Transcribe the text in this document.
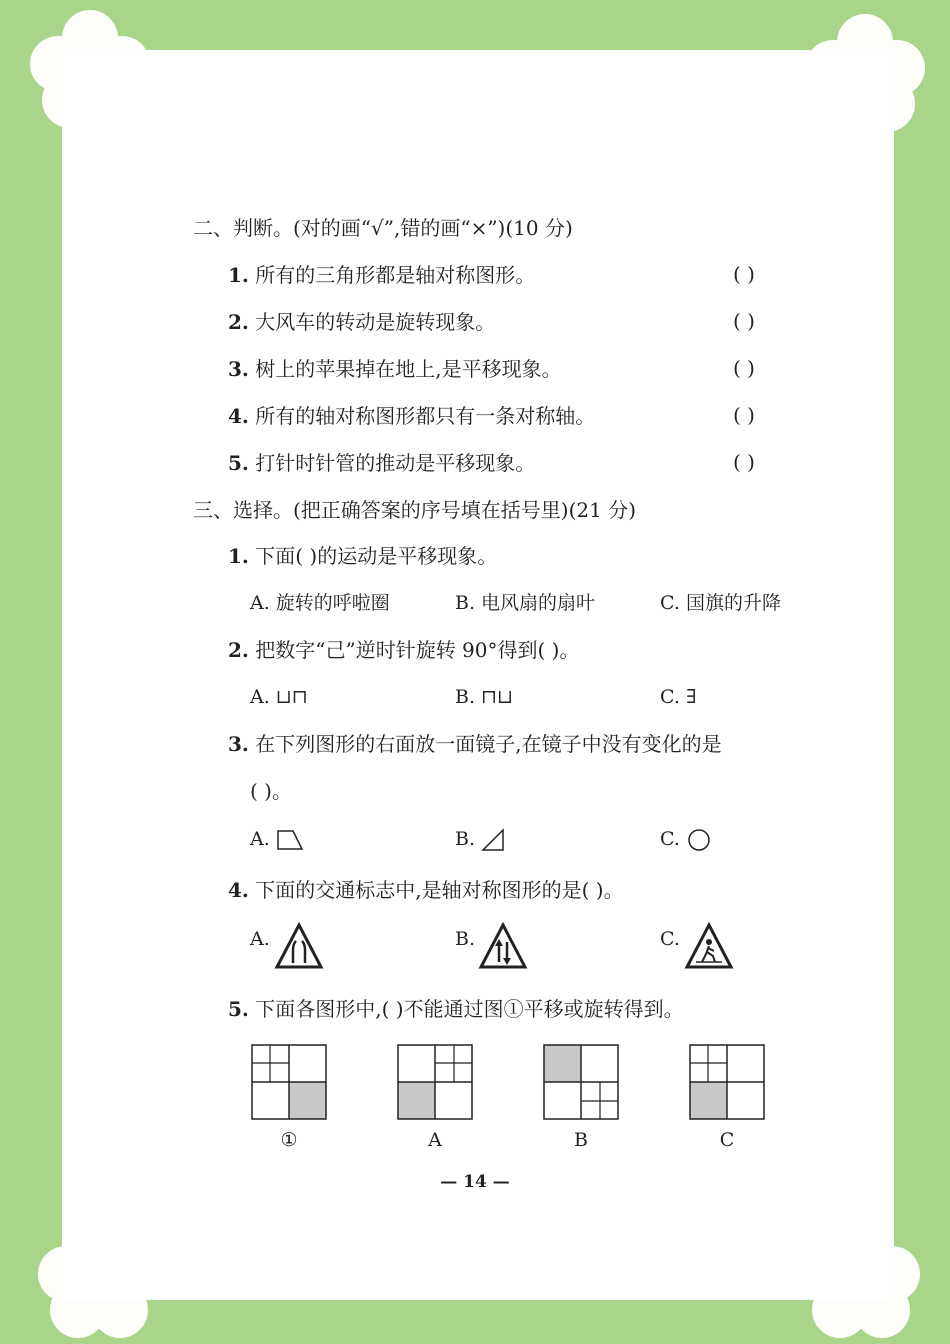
二、判断。(对的画“√”,错的画“×”)(10 分)
1. 所有的三角形都是轴对称图形。	( )
2. 大风车的转动是旋转现象。	( )
3. 树上的苹果掉在地上,是平移现象。	( )
4. 所有的轴对称图形都只有一条对称轴。	( )
5. 打针时针管的推动是平移现象。	( )
三、选择。(把正确答案的序号填在括号里)(21 分)
1. 下面( )的运动是平移现象。
A. 旋转的呼啦圈	B. 电风扇的扇叶	C. 国旗的升降
2. 把数字“己”逆时针旋转 90°得到( )。
A. ⊔⊓	B. ⊓⊔	C. ∃
3. 在下列图形的右面放一面镜子,在镜子中没有变化的是
( )。
A.	B.	C.
4. 下面的交通标志中,是轴对称图形的是( )。
A.	B.	C.
5. 下面各图形中,( )不能通过图①平移或旋转得到。
①	A	B	C
— 14 —
